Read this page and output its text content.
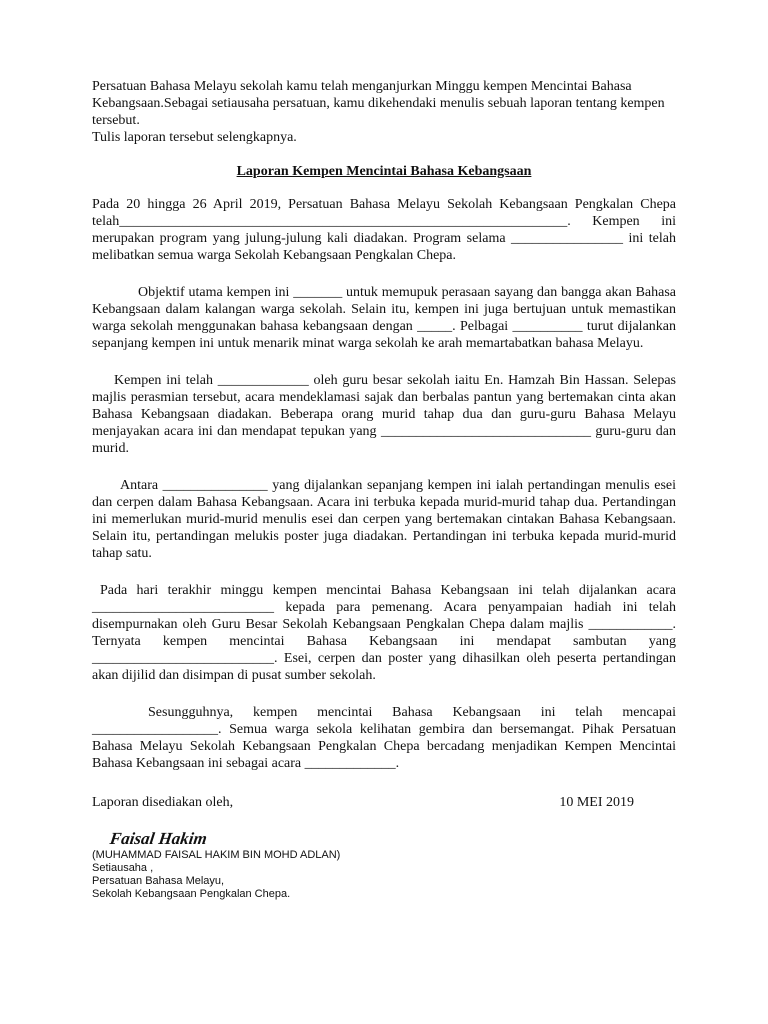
Persatuan Bahasa Melayu sekolah kamu telah menganjurkan Minggu kempen Mencintai Bahasa Kebangsaan.Sebagai setiausaha persatuan, kamu dikehendaki menulis sebuah laporan tentang kempen tersebut.

Tulis laporan tersebut selengkapnya.

Laporan Kempen Mencintai Bahasa Kebangsaan

Pada 20 hingga 26 April 2019, Persatuan Bahasa Melayu Sekolah Kebangsaan Pengkalan Chepa telah________________________________________________________________. Kempen ini merupakan program yang julung-julung kali diadakan. Program selama ________________ ini telah melibatkan semua warga Sekolah Kebangsaan Pengkalan Chepa.

Objektif utama kempen ini _______ untuk memupuk perasaan sayang dan bangga akan Bahasa Kebangsaan dalam kalangan warga sekolah. Selain itu, kempen ini juga bertujuan untuk memastikan warga sekolah menggunakan bahasa kebangsaan dengan _____. Pelbagai __________ turut dijalankan sepanjang kempen ini untuk menarik minat warga sekolah ke arah memartabatkan bahasa Melayu.

Kempen ini telah _____________ oleh guru besar sekolah iaitu En. Hamzah Bin Hassan. Selepas majlis perasmian tersebut, acara mendeklamasi sajak dan berbalas pantun yang bertemakan cinta akan Bahasa Kebangsaan diadakan. Beberapa orang murid tahap dua dan guru-guru Bahasa Melayu menjayakan acara ini dan mendapat tepukan yang ______________________________ guru-guru dan murid.

Antara _______________ yang dijalankan sepanjang kempen ini ialah pertandingan menulis esei dan cerpen dalam Bahasa Kebangsaan. Acara ini terbuka kepada murid-murid tahap dua. Pertandingan ini memerlukan murid-murid menulis esei dan cerpen yang bertemakan cintakan Bahasa Kebangsaan. Selain itu, pertandingan melukis poster juga diadakan. Pertandingan ini terbuka kepada murid-murid tahap satu.

Pada hari terakhir minggu kempen mencintai Bahasa Kebangsaan ini telah dijalankan acara __________________________ kepada para pemenang. Acara penyampaian hadiah ini telah disempurnakan oleh Guru Besar Sekolah Kebangsaan Pengkalan Chepa dalam majlis ____________. Ternyata kempen mencintai Bahasa Kebangsaan ini mendapat sambutan yang __________________________. Esei, cerpen dan poster yang dihasilkan oleh peserta pertandingan akan dijilid dan disimpan di pusat sumber sekolah.

Sesungguhnya, kempen mencintai Bahasa Kebangsaan ini telah mencapai __________________. Semua warga sekola kelihatan gembira dan bersemangat. Pihak Persatuan Bahasa Melayu Sekolah Kebangsaan Pengkalan Chepa bercadang menjadikan Kempen Mencintai Bahasa Kebangsaan ini sebagai acara _____________.

Laporan disediakan oleh,	10 MEI 2019
Faisal Hakim
(MUHAMMAD FAISAL HAKIM BIN MOHD ADLAN)
Setiausaha ,
Persatuan Bahasa Melayu,
Sekolah Kebangsaan Pengkalan Chepa.
